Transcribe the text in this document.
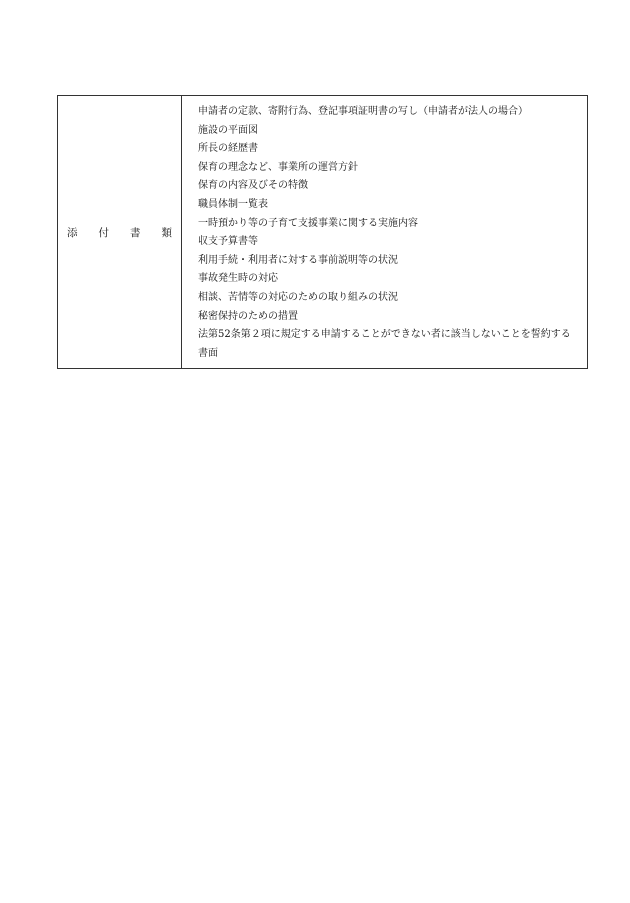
添付書類
申請者の定款、寄附行為、登記事項証明書の写し（申請者が法人の場合）
施設の平面図
所長の経歴書
保育の理念など、事業所の運営方針
保育の内容及びその特徴
職員体制一覧表
一時預かり等の子育て支援事業に関する実施内容
収支予算書等
利用手続・利用者に対する事前説明等の状況
事故発生時の対応
相談、苦情等の対応のための取り組みの状況
秘密保持のための措置
法第52条第２項に規定する申請することができない者に該当しないことを誓約する
書面
